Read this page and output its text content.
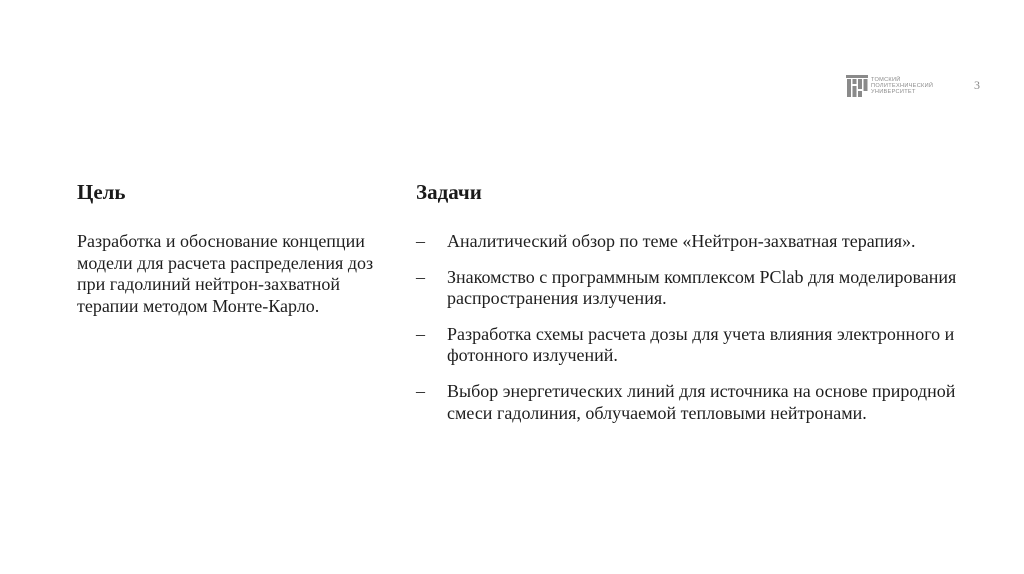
ТОМСКИЙ
ПОЛИТЕХНИЧЕСКИЙ
УНИВЕРСИТЕТ
3
Цель

Разработка и обоснование концепции модели для расчета распределения доз при гадолиний нейтрон-захватной терапии методом Монте-Карло.

Задачи
– Аналитический обзор по теме «Нейтрон-захватная терапия».
– Знакомство с программным комплексом PClab для моделирования распространения излучения.
– Разработка схемы расчета дозы для учета влияния электронного и фотонного излучений.
– Выбор энергетических линий для источника на основе природной смеси гадолиния, облучаемой тепловыми нейтронами.
